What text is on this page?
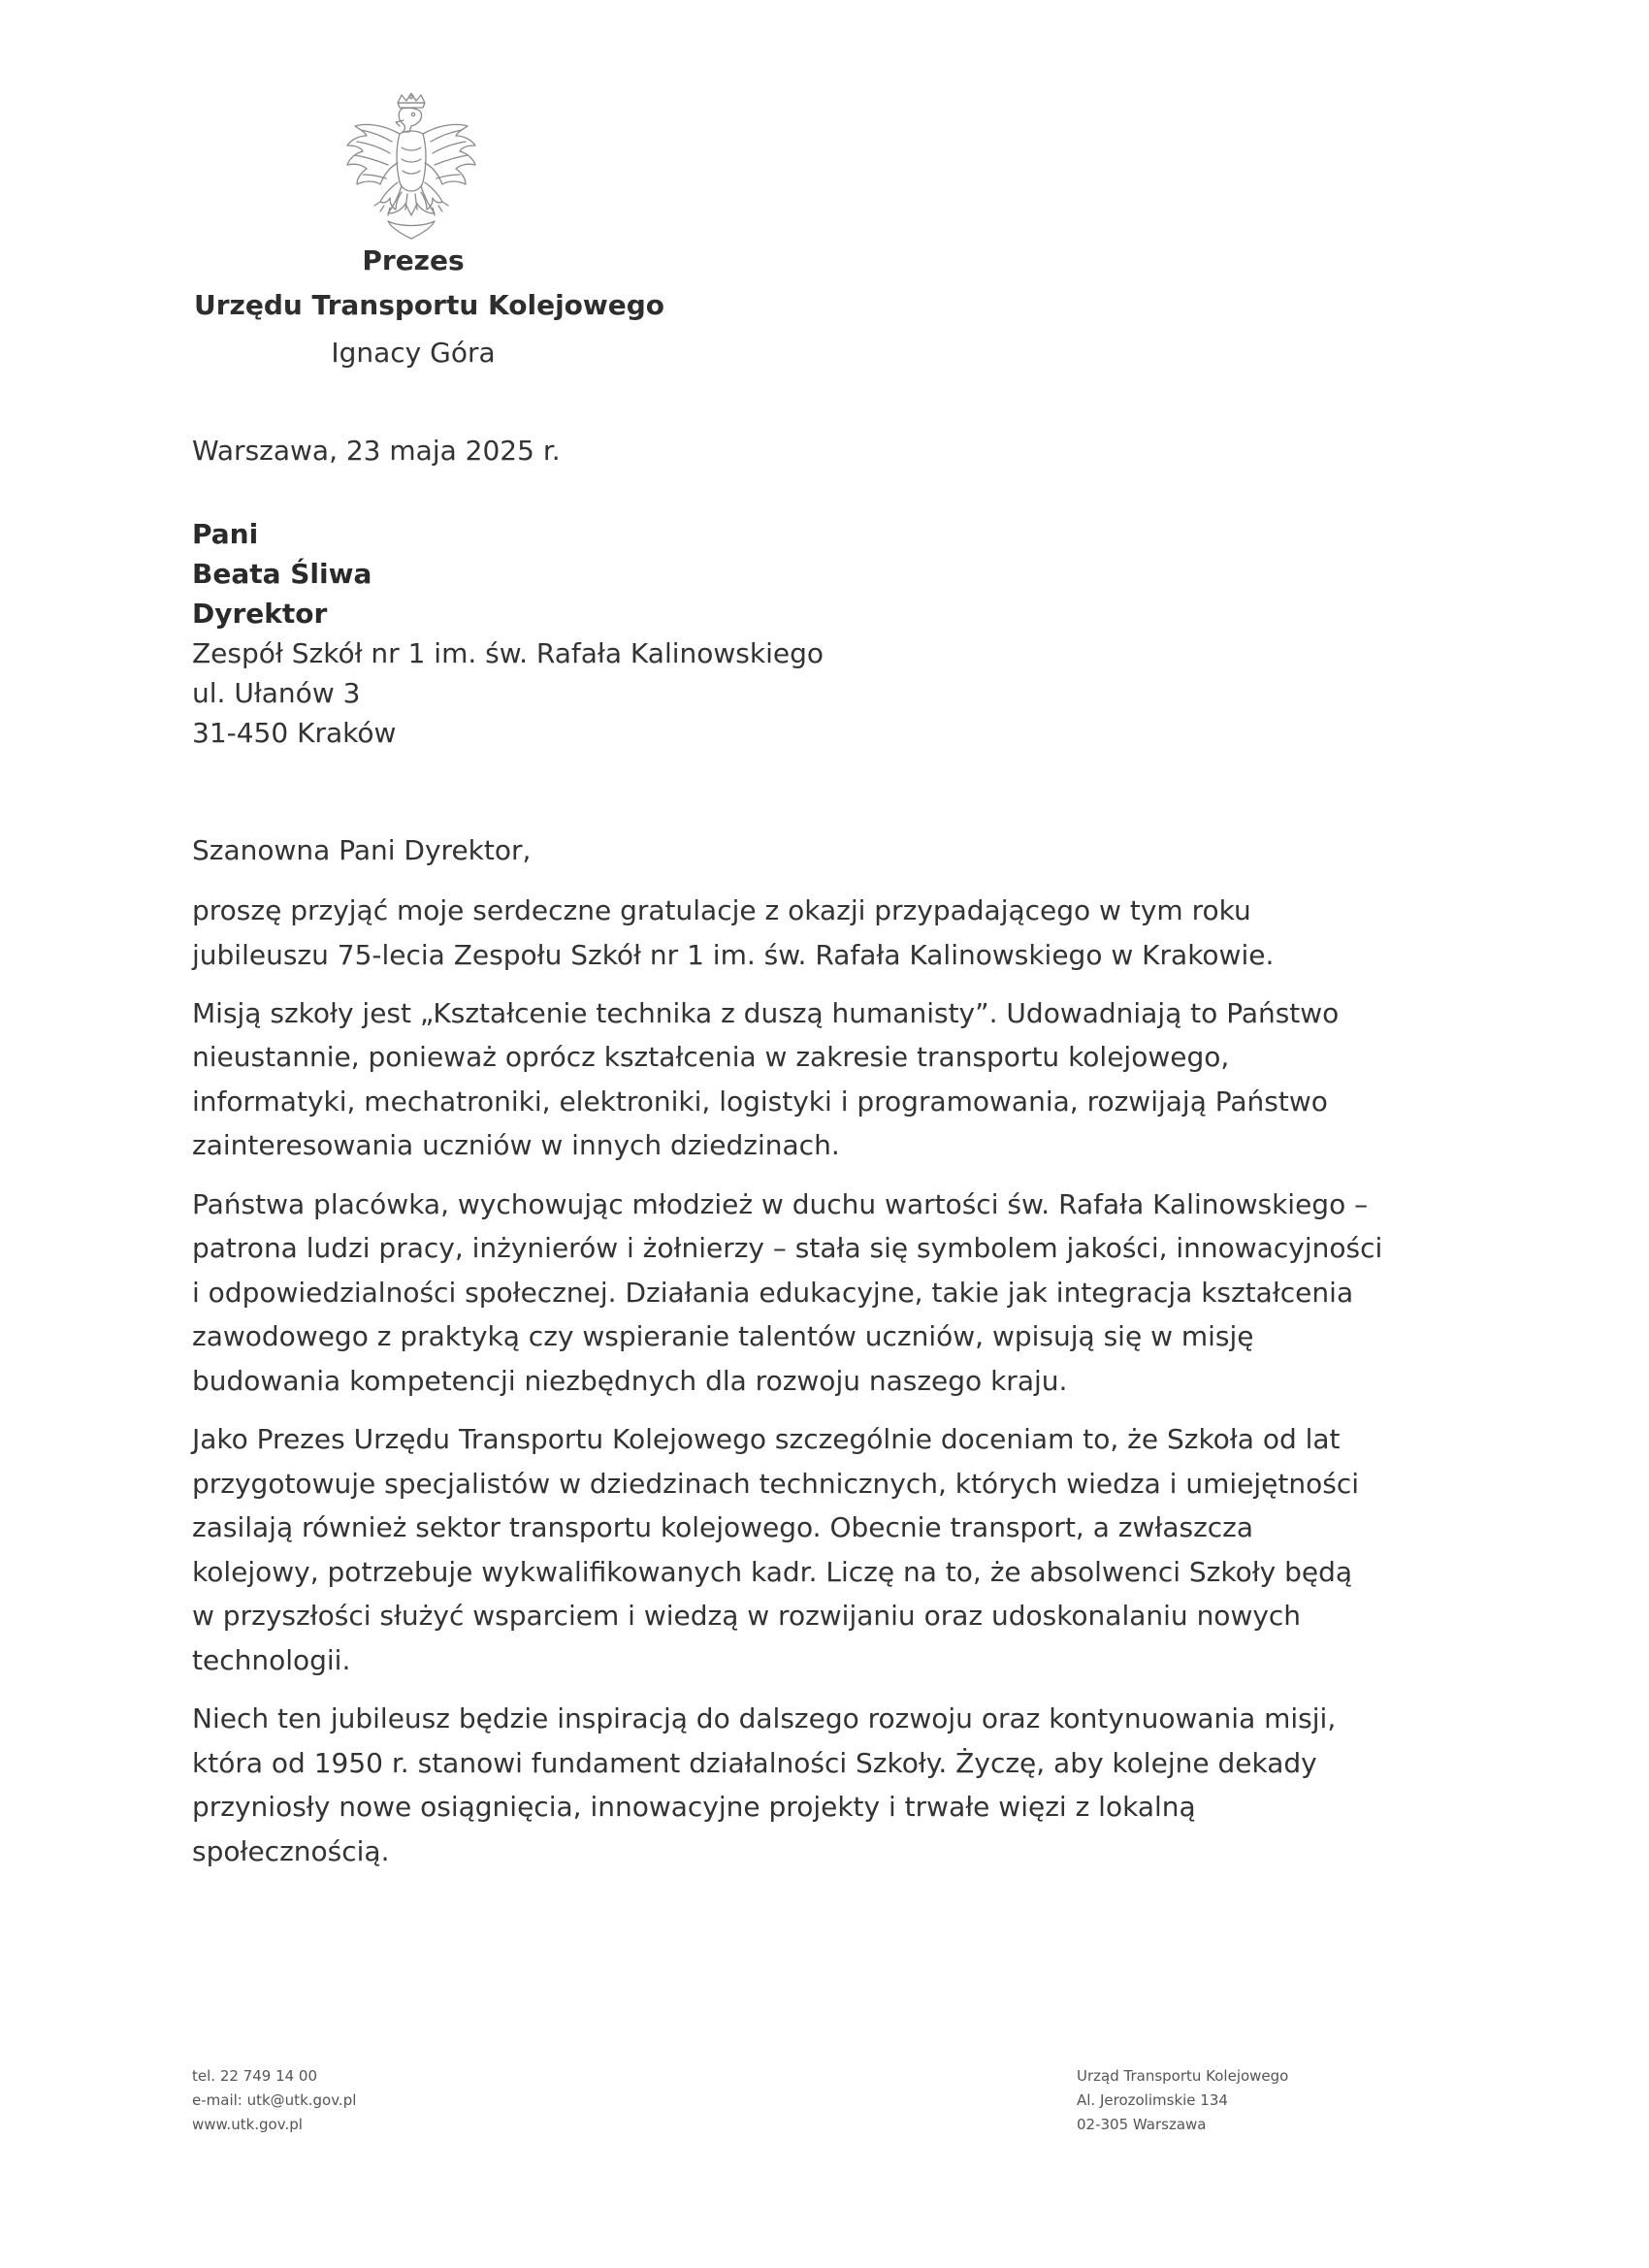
Prezes
Urzędu Transportu Kolejowego
Ignacy Góra
Warszawa, 23 maja 2025 r.
Pani
Beata Śliwa
Dyrektor
Zespół Szkół nr 1 im. św. Rafała Kalinowskiego
ul. Ułanów 3
31-450 Kraków
Szanowna Pani Dyrektor,
proszę przyjąć moje serdeczne gratulacje z okazji przypadającego w tym roku
jubileuszu 75-lecia Zespołu Szkół nr 1 im. św. Rafała Kalinowskiego w Krakowie.
Misją szkoły jest „Kształcenie technika z duszą humanisty”. Udowadniają to Państwo
nieustannie, ponieważ oprócz kształcenia w zakresie transportu kolejowego,
informatyki, mechatroniki, elektroniki, logistyki i programowania, rozwijają Państwo
zainteresowania uczniów w innych dziedzinach.
Państwa placówka, wychowując młodzież w duchu wartości św. Rafała Kalinowskiego –
patrona ludzi pracy, inżynierów i żołnierzy – stała się symbolem jakości, innowacyjności
i odpowiedzialności społecznej. Działania edukacyjne, takie jak integracja kształcenia
zawodowego z praktyką czy wspieranie talentów uczniów, wpisują się w misję
budowania kompetencji niezbędnych dla rozwoju naszego kraju.
Jako Prezes Urzędu Transportu Kolejowego szczególnie doceniam to, że Szkoła od lat
przygotowuje specjalistów w dziedzinach technicznych, których wiedza i umiejętności
zasilają również sektor transportu kolejowego. Obecnie transport, a zwłaszcza
kolejowy, potrzebuje wykwalifikowanych kadr. Liczę na to, że absolwenci Szkoły będą
w przyszłości służyć wsparciem i wiedzą w rozwijaniu oraz udoskonalaniu nowych
technologii.
Niech ten jubileusz będzie inspiracją do dalszego rozwoju oraz kontynuowania misji,
która od 1950 r. stanowi fundament działalności Szkoły. Życzę, aby kolejne dekady
przyniosły nowe osiągnięcia, innowacyjne projekty i trwałe więzi z lokalną
społecznością.
tel. 22 749 14 00
e-mail: utk@utk.gov.pl
www.utk.gov.pl
Urząd Transportu Kolejowego
Al. Jerozolimskie 134
02-305 Warszawa
